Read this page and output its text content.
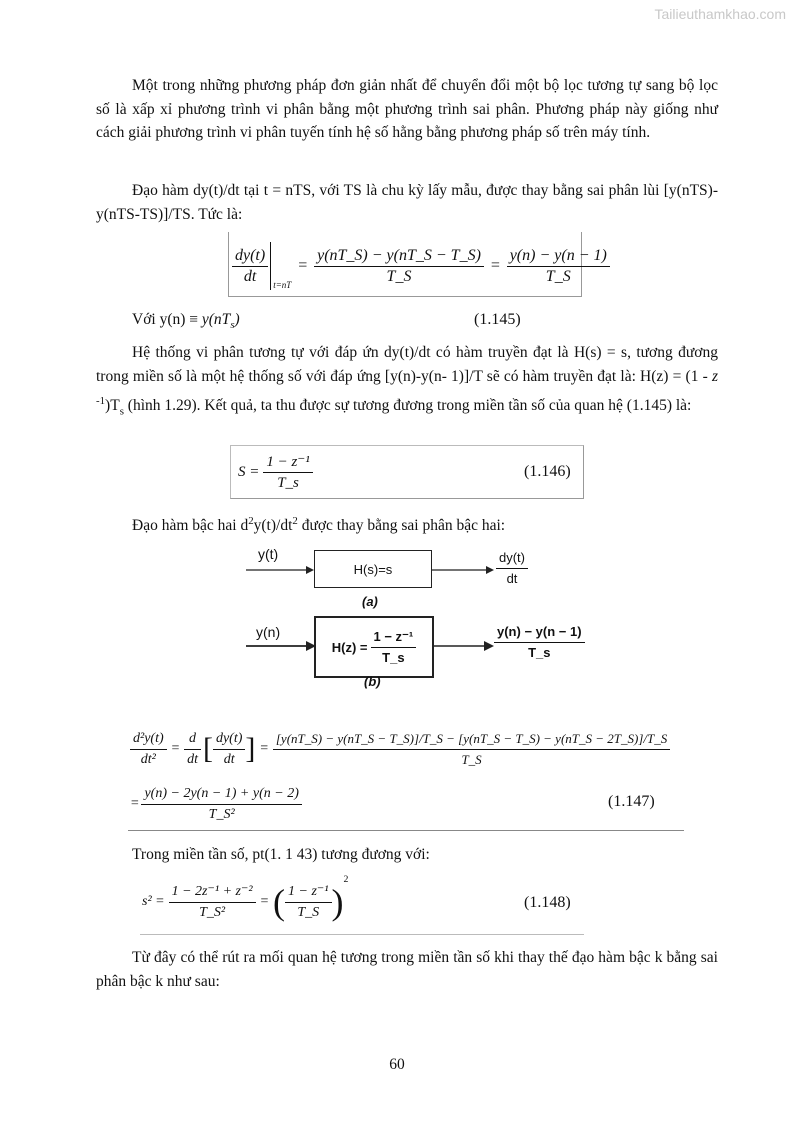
Tailieuthamkhao.com

Một trong những phương pháp đơn giản nhất để chuyển đổi một bộ lọc tương tự sang bộ lọc số là xấp xỉ phương trình vi phân bằng một phương trình sai phân. Phương pháp này giống như cách giải phương trình vi phân tuyến tính hệ số hằng bằng phương pháp số trên máy tính.

Đạo hàm dy(t)/dt tại t = nTS, với TS là chu kỳ lấy mẫu, được thay bằng sai phân lùi [y(nTS)-y(nTS-TS)]/TS. Tức là:

$\frac{dy(t)}{dt} t=nT$
= $\frac{y(nT\_S) - y(nT\_S - T\_S)}{T\_S} = \frac{y(n) - y(n - 1)}{T\_S}$
Với $y(n) \equiv y(nT_s)$	(1.145)

Hệ thống vi phân tương tự với đáp ứn dy(t)/dt có hàm truyền đạt là H(s) = s, tương đương trong miền số là một hệ thống số với đáp ứng [y(n)-y(n- 1)]/T sẽ có hàm truyền đạt là: H(z) = (1 - z $^{-1})T_s$ (hình 1.29). Kết quả, ta thu được sự tương đương trong miền tần số của quan hệ (1.145) là:

$S = \frac{\text{1 − z⁻¹}}{T\_s}$	(1.146)

Đạo hàm bậc hai $d^2y(t)/dt^2$ được thay bằng sai phân bậc hai:

y(t)
H(s)=s	$\frac{dy(t)}{dt}$
(a)
y(n)
$H(z) = \frac{\text{1 − z⁻¹}}{T\_s}$	$\frac{y(n) - y(n - 1)}{T\_s}$
(b)
$\frac{\text{d²y(t)}}{\text{dt²}} = \frac{d}{dt}$ [ $\frac{dy(t)}{dt}$ ] =
[y(nT_S) − y(nT_S − T_S)]/T_S − [y(nT_S − T_S) − y(nT_S − 2T_S)]/T_S
T_S
= $\frac{y(n) - 2y(n - 1) + y(n - 2)}{\text{T\_S²}}$	(1.147)

Trong miền tần số, pt(1. 1 43) tương đương với:

$s^2 = \frac{\text{1 − 2z⁻¹ + z⁻²}}{\text{T\_S²}}$ = ( $\frac{\text{1 − z⁻¹}}{T\_S}$ )
$^2$
(1.148)

Từ đây có thể rút ra mối quan hệ tương trong miền tần số khi thay thế đạo hàm bậc k bằng sai phân bậc k như sau:

60
